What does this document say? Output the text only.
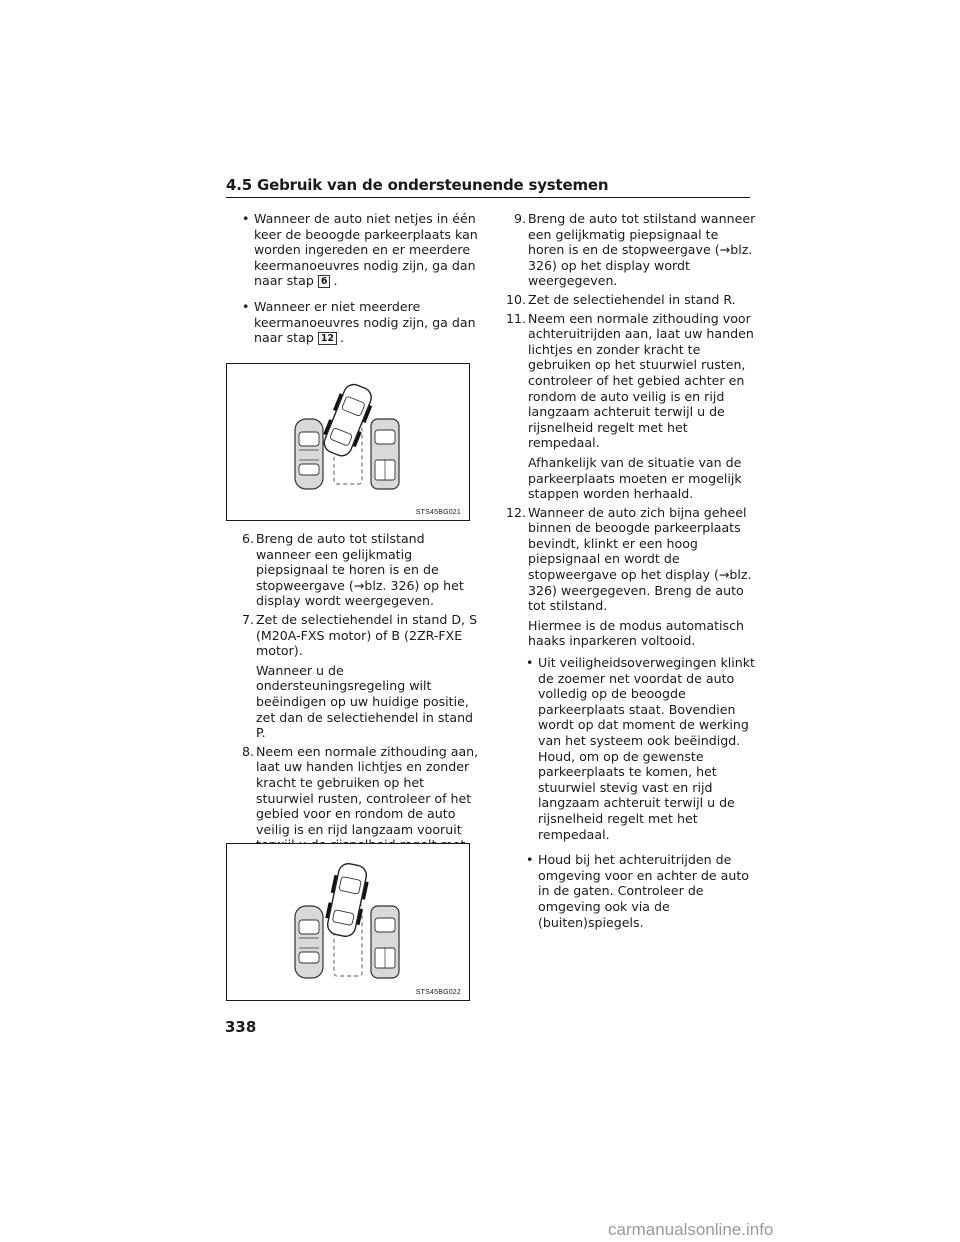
4.5 Gebruik van de ondersteunende systemen
• Wanneer de auto niet netjes in één keer de beoogde parkeerplaats kan worden ingereden en er meerdere keermanoeuvres nodig zijn, ga dan naar stap 6 .
• Wanneer er niet meerdere keermanoeuvres nodig zijn, ga dan naar stap 12 .
STS45BG021
6. Breng de auto tot stilstand wanneer een gelijkmatig piepsignaal te horen is en de stopweergave (→blz. 326) op het display wordt weergegeven.
7. Zet de selectiehendel in stand D, S (M20A-FXS motor) of B (2ZR-FXE motor).
Wanneer u de ondersteuningsregeling wilt beëindigen op uw huidige positie, zet dan de selectiehendel in stand P.
8. Neem een normale zithouding aan, laat uw handen lichtjes en zonder kracht te gebruiken op het stuurwiel rusten, controleer of het gebied voor en rondom de auto veilig is en rijd langzaam vooruit
STS45BG022
9. Breng de auto tot stilstand wanneer een gelijkmatig piepsignaal te horen is en de stopweergave (→blz. 326) op het display wordt weergegeven.
10. Zet de selectiehendel in stand R.
11. Neem een normale zithouding voor achteruitrijden aan, laat uw handen lichtjes en zonder kracht te gebruiken op het stuurwiel rusten, controleer of het gebied achter en rondom de auto veilig is en rijd langzaam achteruit terwijl u de rijsnelheid regelt met het rempedaal.
Afhankelijk van de situatie van de parkeerplaats moeten er mogelijk stappen worden herhaald.
12. Wanneer de auto zich bijna geheel binnen de beoogde parkeerplaats bevindt, klinkt er een hoog piepsignaal en wordt de stopweergave op het display (→blz. 326) weergegeven. Breng de auto tot stilstand.
Hiermee is de modus automatisch haaks inparkeren voltooid.
• Uit veiligheidsoverwegingen klinkt de zoemer net voordat de auto volledig op de beoogde parkeerplaats staat. Bovendien wordt op dat moment de werking van het systeem ook beëindigd. Houd, om op de gewenste parkeerplaats te komen, het stuurwiel stevig vast en rijd langzaam achteruit terwijl u de rijsnelheid regelt met het rempedaal.
• Houd bij het achteruitrijden de omgeving voor en achter de auto in de gaten. Controleer de omgeving ook via de (buiten)spiegels.
338
carmanualsonline.info
